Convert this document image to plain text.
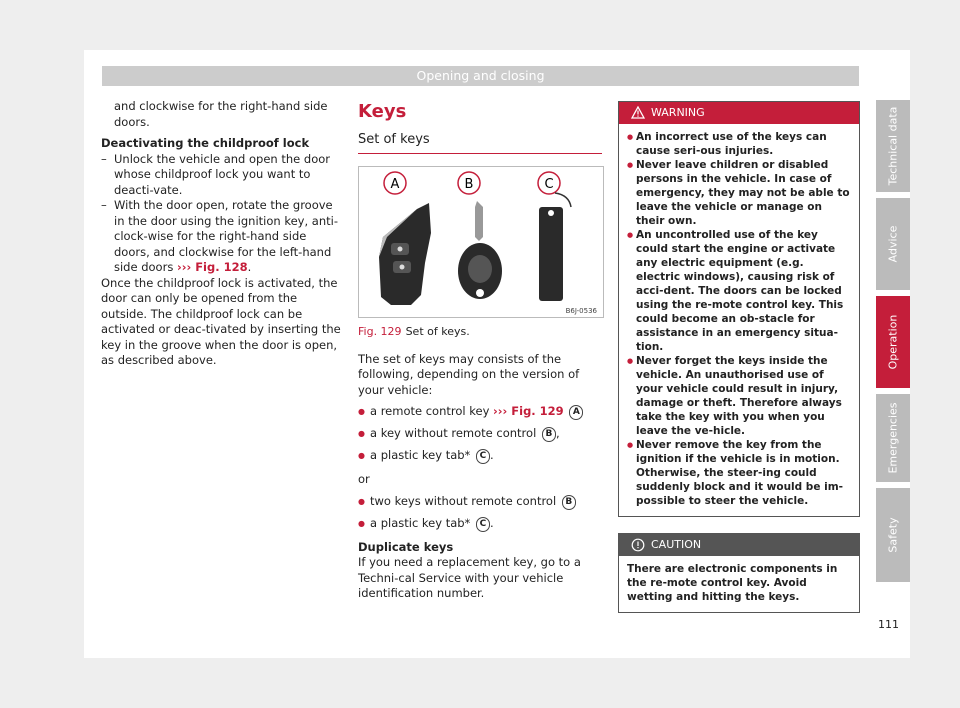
Opening and closing

and clockwise for the right-hand side doors.

Deactivating the childproof lock

– Unlock the vehicle and open the door whose childproof lock you want to deacti-vate.

– With the door open, rotate the groove in the door using the ignition key, anti-clock-wise for the right-hand side doors, and clockwise for the left-hand side doors ››› Fig. 128.

Once the childproof lock is activated, the door can only be opened from the outside. The childproof lock can be activated or deac-tivated by inserting the key in the groove when the door is open, as described above.

Keys
Set of keys
A	B	C
B6J-0536
Fig. 129 Set of keys.

The set of keys may consists of the following, depending on the version of your vehicle:

● a remote control key ››› Fig. 129 A
● a key without remote control B ,
● a plastic key tab* C .

or

● two keys without remote control B
● a plastic key tab* C .

Duplicate keys

If you need a replacement key, go to a Techni-cal Service with your vehicle identification number.

WARNING
● An incorrect use of the keys can cause seri-ous injuries.
● Never leave children or disabled persons in the vehicle. In case of emergency, they may not be able to leave the vehicle or manage on their own.
● An uncontrolled use of the key could start the engine or activate any electric equipment (e.g. electric windows), causing risk of acci-dent. The doors can be locked using the re-mote control key. This could become an ob-stacle for assistance in an emergency situa-tion.
● Never forget the keys inside the vehicle. An unauthorised use of your vehicle could result in injury, damage or theft. Therefore always take the key with you when you leave the ve-hicle.
● Never remove the key from the ignition if the vehicle is in motion. Otherwise, the steer-ing could suddenly block and it would be im-possible to steer the vehicle.
CAUTION
There are electronic components in the re-mote control key. Avoid wetting and hitting the keys.
Technical data
Advice
Operation
Emergencies
Safety
111
